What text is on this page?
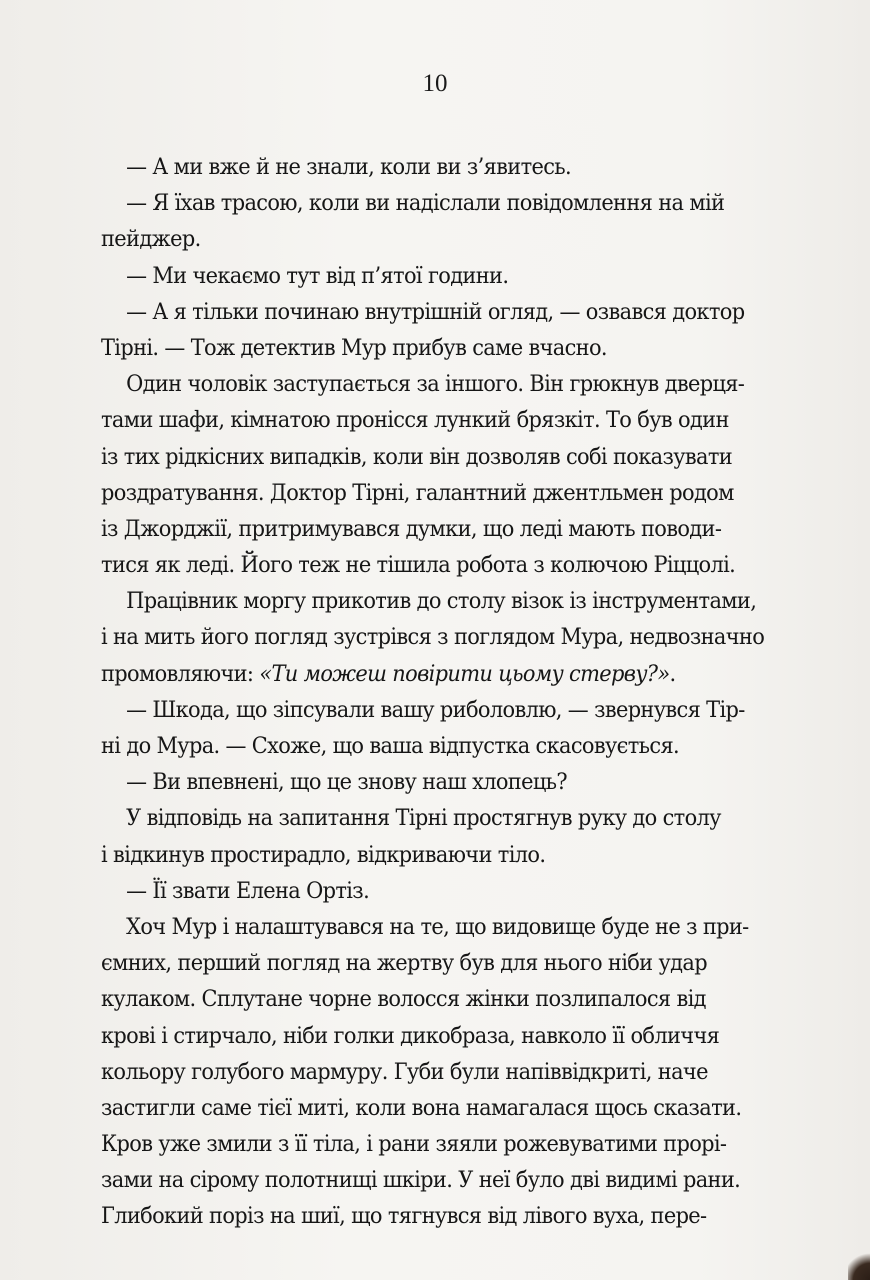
10
— А ми вже й не знали, коли ви з’явитесь.
— Я їхав трасою, коли ви надіслали повідомлення на мій
пейджер.
— Ми чекаємо тут від п’ятої години.
— А я тільки починаю внутрішній огляд, — озвався доктор
Тірні. — Тож детектив Мур прибув саме вчасно.
Один чоловік заступається за іншого. Він грюкнув дверця-
тами шафи, кімнатою пронісся лункий брязкіт. То був один
із тих рідкісних випадків, коли він дозволяв собі показувати
роздратування. Доктор Тірні, галантний джентльмен родом
із Джорджії, притримувався думки, що леді мають поводи-
тися як леді. Його теж не тішила робота з колючою Ріццолі.
Працівник моргу прикотив до столу візок із інструментами,
і на мить його погляд зустрівся з поглядом Мура, недвозначно
промовляючи: «Ти можеш повірити цьому стерву?».
— Шкода, що зіпсували вашу риболовлю, — звернувся Тір-
ні до Мура. — Схоже, що ваша відпустка скасовується.
— Ви впевнені, що це знову наш хлопець?
У відповідь на запитання Тірні простягнув руку до столу
і відкинув простирадло, відкриваючи тіло.
— Її звати Елена Ортіз.
Хоч Мур і налаштувався на те, що видовище буде не з при-
ємних, перший погляд на жертву був для нього ніби удар
кулаком. Сплутане чорне волосся жінки позлипалося від
крові і стирчало, ніби голки дикобраза, навколо її обличчя
кольору голубого мармуру. Губи були напіввідкриті, наче
застигли саме тієї миті, коли вона намагалася щось сказати.
Кров уже змили з її тіла, і рани зяяли рожевуватими прорі-
зами на сірому полотнищі шкіри. У неї було дві видимі рани.
Глибокий поріз на шиї, що тягнувся від лівого вуха, пере-
